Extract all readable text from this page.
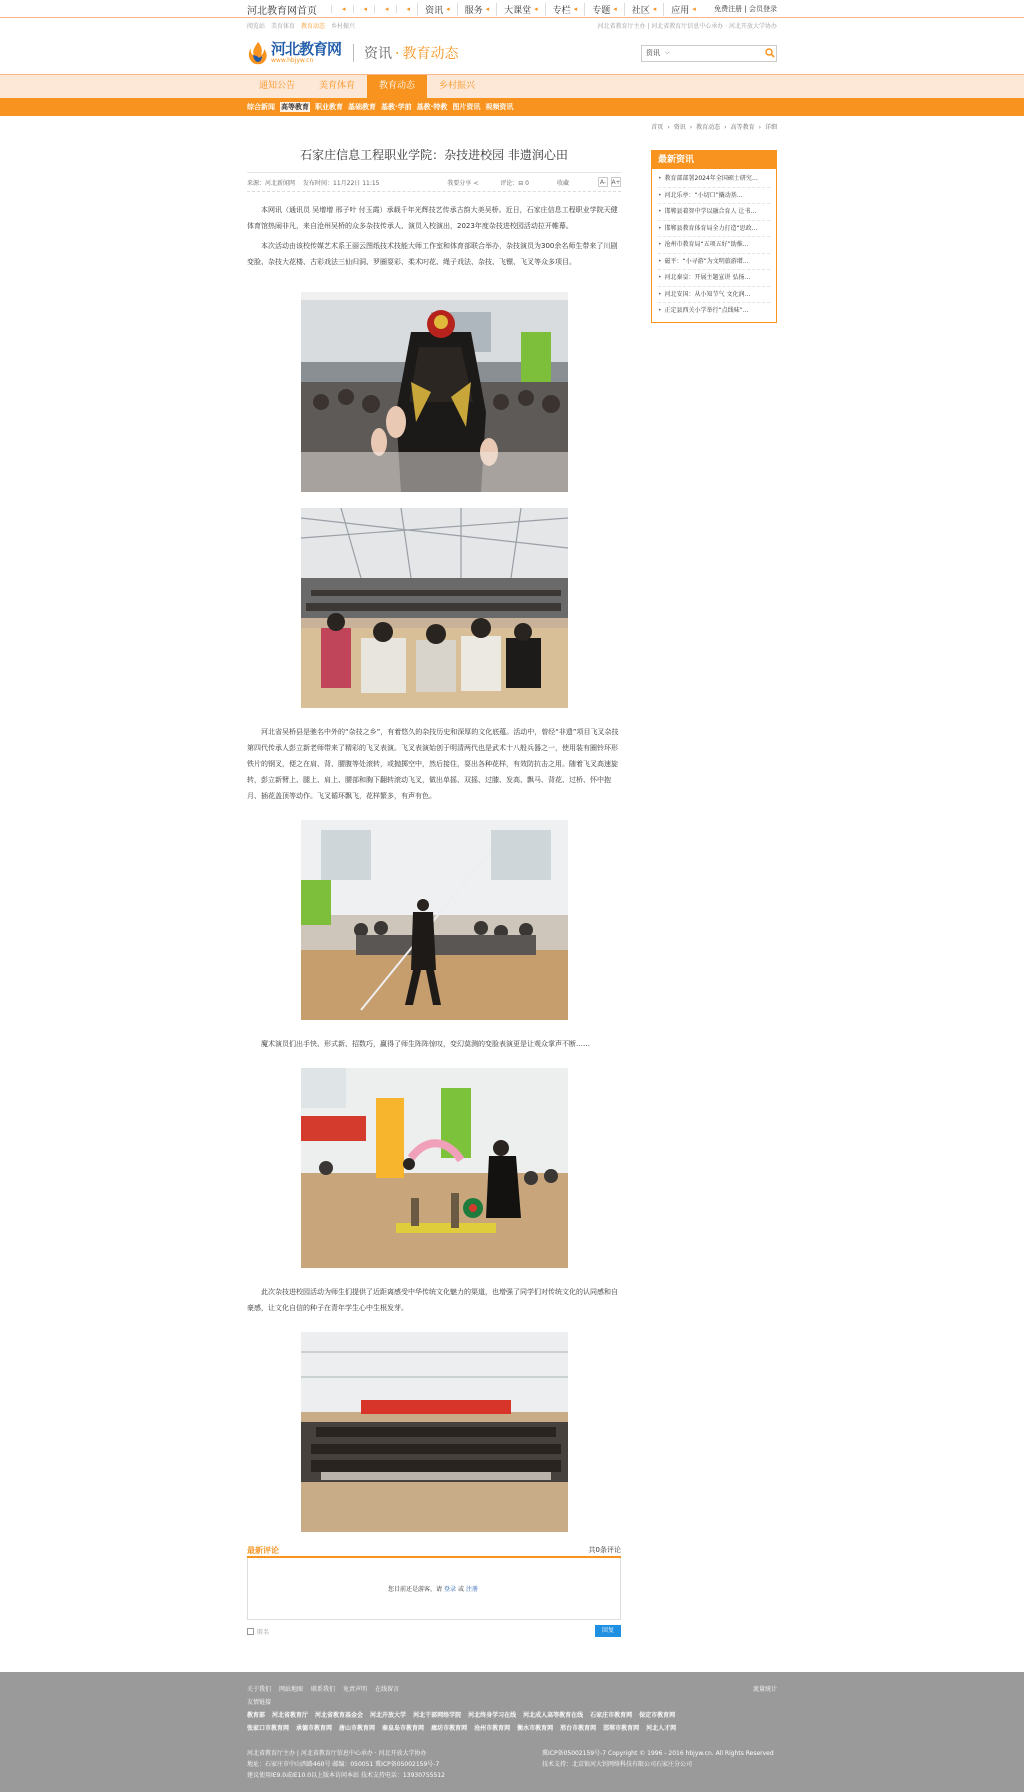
河北教育网首页	◂	◂	◂	◂ 资讯 ◂ 服务 ◂ 大课堂 ◂ 专栏 ◂ 专题 ◂ 社区 ◂ 应用 ◂	免费注册 | 会员登录
阅览站 美育体育 教育动态 乡村振兴	河北省教育厅主办 | 河北省教育厅信息中心承办 · 河北开放大学协办
河北教育网
www.hbjyw.cn	资讯 · 教育动态	资讯 ⌵
通知公告	美育体育	教育动态	乡村振兴
综合新闻 高等教育 职业教育 基础教育 基教·学前 基教·特教 图片资讯 视频资讯
首页 › 资讯 › 教育动态 › 高等教育 › 详细
石家庄信息工程职业学院：杂技进校园 非遗润心田
来源：河北新闻网 发布时间：11月22日 11:15	我要分享 ≺	评论：⊟ 0	收藏	A- A+

本网讯（通讯员 吴增增 邢子叶 付玉霞）承载千年光辉技艺传承古韵大美吴桥。近日，石家庄信息工程职业学院天健体育馆热闹非凡，来自沧州吴桥的众多杂技传承人、演员入校演出，2023年度杂技进校园活动拉开帷幕。

本次活动由该校传媒艺术系王丽云图纸技术技能大师工作室和体育部联合举办，杂技演员为300余名师生带来了川剧变脸、杂技大花楼、古彩戏法三仙归洞、罗圈耍彩、柔术叼花、绳子戏法、杂技、飞镖、飞叉等众多项目。

河北省吴桥县是驰名中外的“杂技之乡”，有着悠久的杂技历史和深厚的文化底蕴。活动中，曾经“非遗”项目飞叉杂技第四代传承人彭立新老师带来了精彩的飞叉表演。飞叉表演始创于明清两代也是武术十八般兵器之一，使用装有圈铃环形铁片的钢叉，便之在肩、背、腰腹等处滚转，或抛掷空中，然后接住，耍出各种花样，有效防抗击之用。随着飞叉高速旋转，彭立新臂上、腿上、肩上、腰部和胸下翻转滚动飞叉，做出单摇、双摇、过膝、发高、飘马、背花、过桥、怀中抱月、插花盖顶等动作。飞叉循环飘飞，花样繁多，有声有色。

魔术演员们出手快、形式新、招数巧，赢得了师生阵阵惊叹，变幻莫测的变脸表演更是让观众掌声不断……

此次杂技进校园活动为师生们提供了近距离感受中华传统文化魅力的渠道，也增强了同学们对传统文化的认同感和自豪感，让文化自信的种子在青年学生心中生根发芽。

最新评论	共0条评论
您目前还是游客，请 登录 或 注册
匿名	回复
最新资讯
• 教育部部署2024年全国硕士研究…
• 河北乐亭：“小切口”撬动基…
• 邯郸县着智中学以融合育人 让书…
• 邯郸县教育体育局全力打造“思政…
• 沧州市教育局“五项五好”助推…
• 磁平：“小寻游”为文明旅游增…
• 河北秦皇：开展主题宣讲 弘扬…
• 河北安国：从小知节气 文化润…
• 正定县西关小学举行“点线味”…
关于我们 网站地图 联系我们 免责声明 在线留言	流量统计
友情链接
教育部 河北省教育厅 河北省教育基金会 河北开放大学 河北干部网络学院 河北终身学习在线 河北成人高等教育在线 石家庄市教育网 保定市教育网
张家口市教育网 承德市教育网 唐山市教育网 秦皇岛市教育网 廊坊市教育网 沧州市教育网 衡水市教育网 邢台市教育网 邯郸市教育网 河北人才网
河北省教育厅主办 | 河北省教育厅信息中心承办 · 河北开放大学协办
地址：石家庄市中山西路460号 邮编：050051 冀ICP备05002159号-7
建议使用IE9.0或IE10.0以上版本访问本站 技术支持电话：13930755512
冀ICP备05002159号-7 Copyright © 1996 - 2016 hbjyw.cn. All Rights Reserved
技术支持：北京银河大钊网络科技有限公司石家庄分公司
